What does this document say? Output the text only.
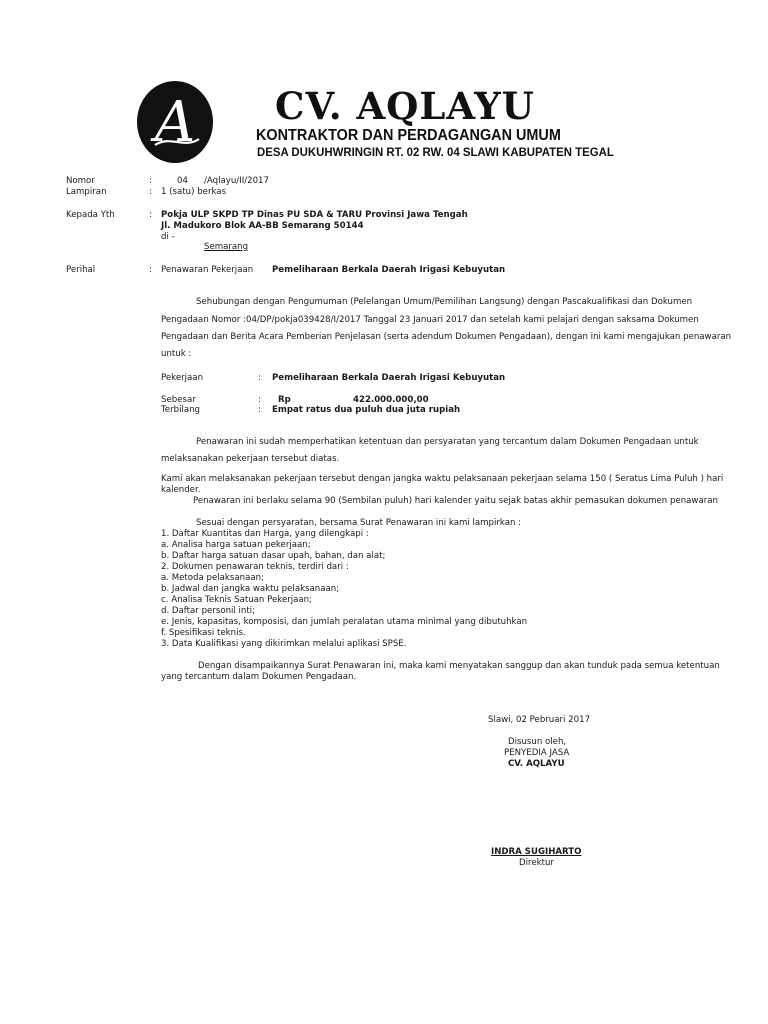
A CV. AQLAYU
KONTRAKTOR DAN PERDAGANGAN UMUM
DESA DUKUHWRINGIN RT. 02 RW. 04 SLAWI KABUPATEN TEGAL
Nomor	:	04 /Aqlayu/II/2017
Lampiran	: 1 (satu) berkas
Kepada Yth	: Pokja ULP SKPD TP Dinas PU SDA & TARU Provinsi Jawa Tengah
Jl. Madukoro Blok AA-BB Semarang 50144
di -
Semarang
Perihal	: Penawaran Pekerjaan Pemeliharaan Berkala Daerah Irigasi Kebuyutan
Sehubungan dengan Pengumuman (Pelelangan Umum/Pemilihan Langsung) dengan Pascakualifikasi dan Dokumen
Pengadaan Nomor :04/DP/pokja039428/I/2017 Tanggal 23 Januari 2017 dan setelah kami pelajari dengan saksama Dokumen
Pengadaan dan Berita Acara Pemberian Penjelasan (serta adendum Dokumen Pengadaan), dengan ini kami mengajukan penawaran
untuk :
Pekerjaan	: Pemeliharaan Berkala Daerah Irigasi Kebuyutan
Sebesar	: Rp	422.000.000,00
Terbilang	: Empat ratus dua puluh dua juta rupiah
Penawaran ini sudah memperhatikan ketentuan dan persyaratan yang tercantum dalam Dokumen Pengadaan untuk
melaksanakan pekerjaan tersebut diatas.
Kami akan melaksanakan pekerjaan tersebut dengan jangka waktu pelaksanaan pekerjaan selama 150 ( Seratus Lima Puluh ) hari
kalender.
Penawaran ini berlaku selama 90 (Sembilan puluh) hari kalender yaitu sejak batas akhir pemasukan dokumen penawaran
Sesuai dengan persyaratan, bersama Surat Penawaran ini kami lampirkan :
1. Daftar Kuantitas dan Harga, yang dilengkapi :
a. Analisa harga satuan pekerjaan;
b. Daftar harga satuan dasar upah, bahan, dan alat;
2. Dokumen penawaran teknis, terdiri dari :
a. Metoda pelaksanaan;
b. Jadwal dan jangka waktu pelaksanaan;
c. Analisa Teknis Satuan Pekerjaan;
d. Daftar personil inti;
e. Jenis, kapasitas, komposisi, dan jumlah peralatan utama minimal yang dibutuhkan
f. Spesifikasi teknis.
3. Data Kualifikasi yang dikirimkan melalui aplikasi SPSE.
Dengan disampaikannya Surat Penawaran ini, maka kami menyatakan sanggup dan akan tunduk pada semua ketentuan
yang tercantum dalam Dokumen Pengadaan.
Slawi, 02 Pebruari 2017
Disusun oleh,
PENYEDIA JASA
CV. AQLAYU
INDRA SUGIHARTO
Direktur
